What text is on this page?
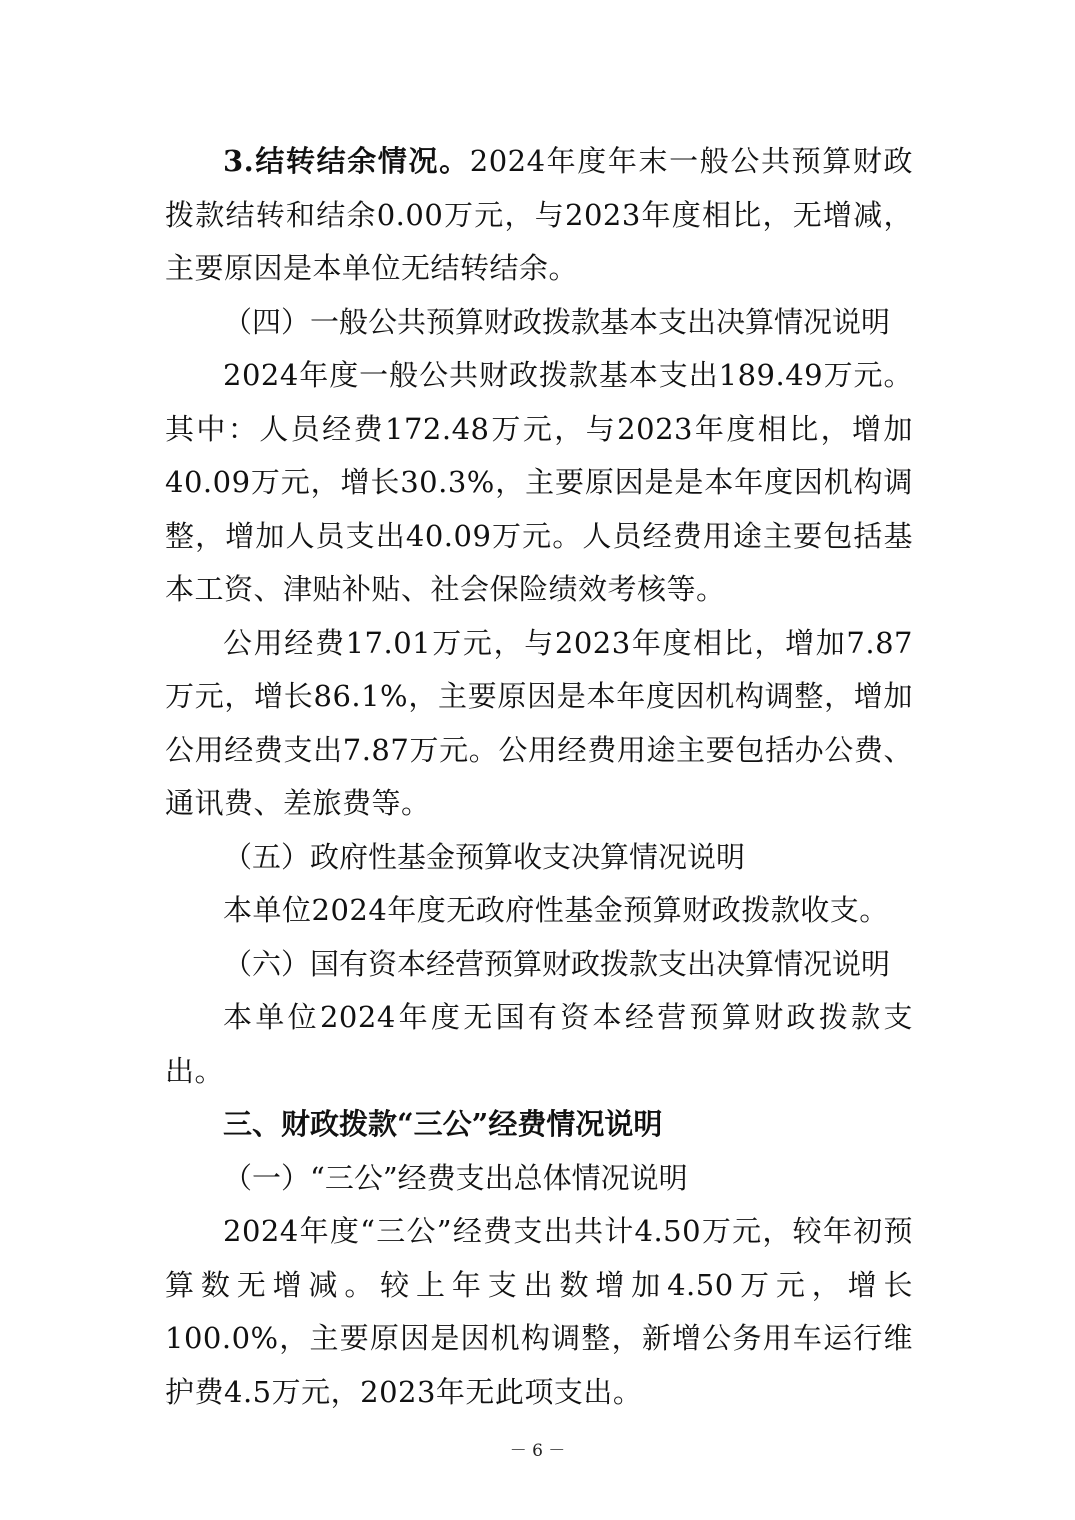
3.结转结余情况。2024年度年末一般公共预算财政拨款结转和结余0.00万元，与2023年度相比，无增减，主要原因是本单位无结转结余。

（四）一般公共预算财政拨款基本支出决算情况说明

2024年度一般公共财政拨款基本支出189.49万元。其中：人员经费172.48万元，与2023年度相比，增加40.09万元，增长30.3%，主要原因是是本年度因机构调整，增加人员支出40.09万元。人员经费用途主要包括基本工资、津贴补贴、社会保险绩效考核等。

公用经费17.01万元，与2023年度相比，增加7.87万元，增长86.1%，主要原因是本年度因机构调整，增加公用经费支出7.87万元。公用经费用途主要包括办公费、通讯费、差旅费等。

（五）政府性基金预算收支决算情况说明

本单位2024年度无政府性基金预算财政拨款收支。

（六）国有资本经营预算财政拨款支出决算情况说明

本单位2024年度无国有资本经营预算财政拨款支出。

三、财政拨款“三公”经费情况说明

（一）“三公”经费支出总体情况说明

2024年度“三公”经费支出共计4.50万元，较年初预算数无增减。较上年支出数增加4.50万元，增长100.0%，主要原因是因机构调整，新增公务用车运行维护费4.5万元，2023年无此项支出。

－ 6 －
